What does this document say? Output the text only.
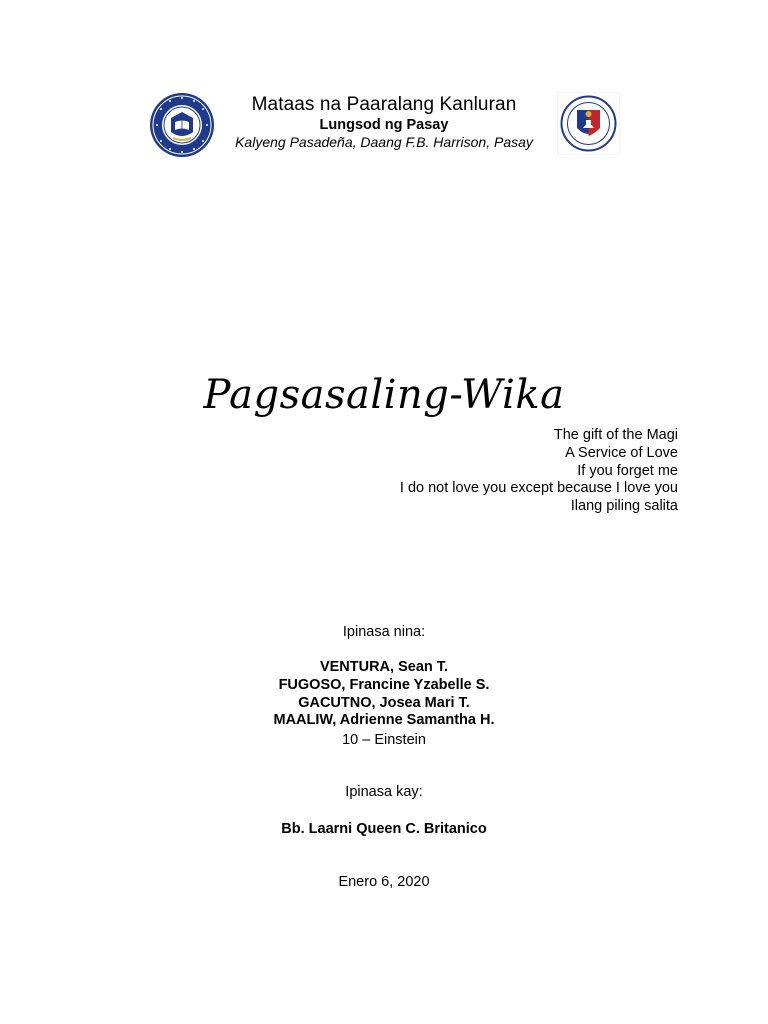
Mataas na Paaralang Kanluran
Lungsod ng Pasay
Kalyeng Pasadeña, Daang F.B. Harrison, Pasay
Pagsasaling-Wika
The gift of the Magi
A Service of Love
If you forget me
I do not love you except because I love you
Ilang piling salita
Ipinasa nina:
VENTURA, Sean T.
FUGOSO, Francine Yzabelle S.
GACUTNO, Josea Mari T.
MAALIW, Adrienne Samantha H.
10 – Einstein
Ipinasa kay:
Bb. Laarni Queen C. Britanico
Enero 6, 2020
